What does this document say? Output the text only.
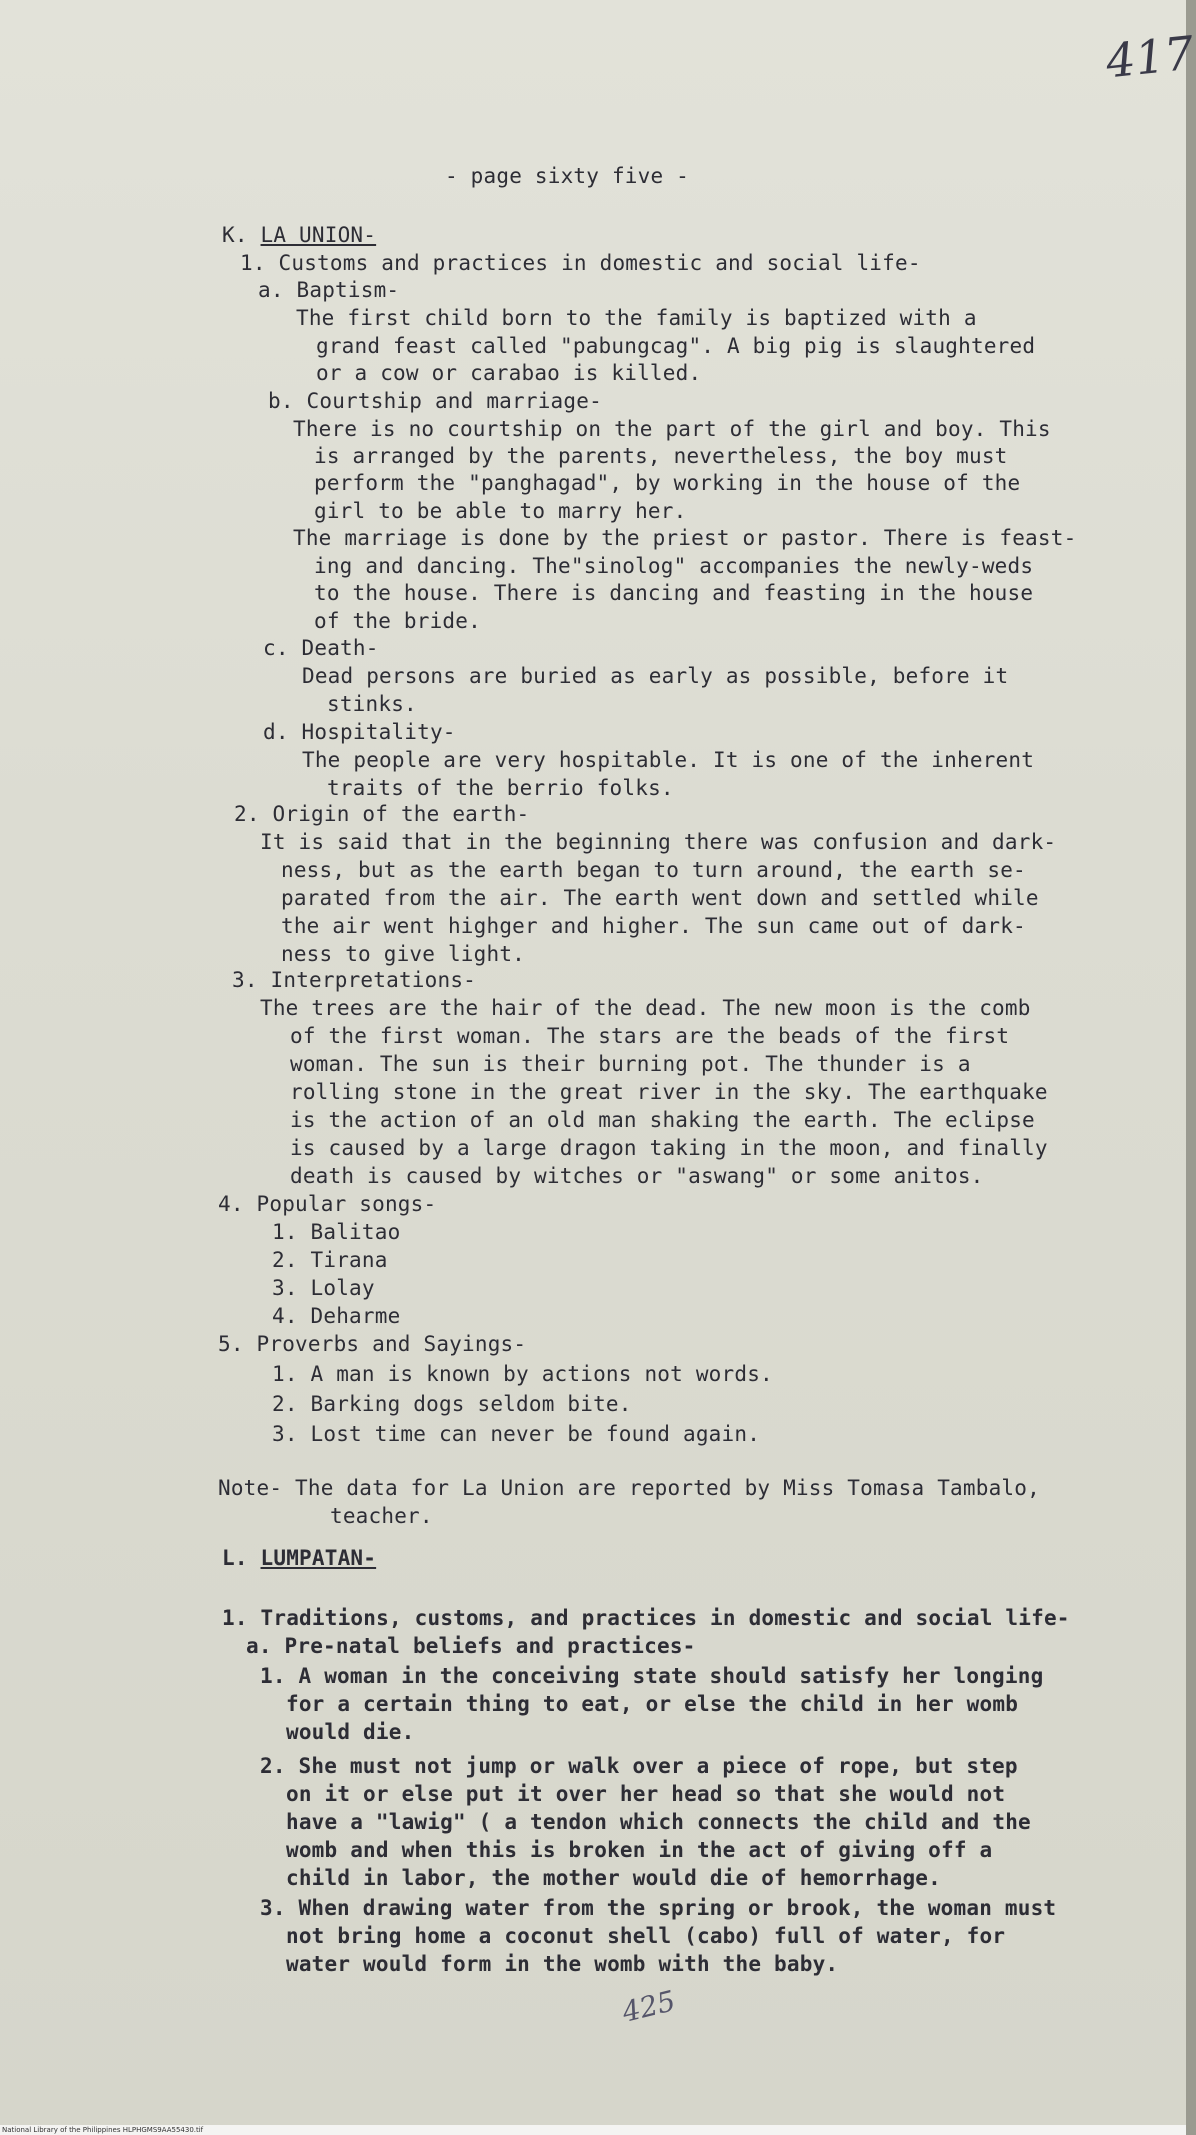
417
- page sixty five -
K. LA UNION-
1. Customs and practices in domestic and social life-
a. Baptism-
The first child born to the family is baptized with a
grand feast called "pabungcag". A big pig is slaughtered
or a cow or carabao is killed.
b. Courtship and marriage-
There is no courtship on the part of the girl and boy. This
is arranged by the parents, nevertheless, the boy must
perform the "panghagad", by working in the house of the
girl to be able to marry her.
The marriage is done by the priest or pastor. There is feast-
ing and dancing. The"sinolog" accompanies the newly-weds
to the house. There is dancing and feasting in the house
of the bride.
c. Death-
Dead persons are buried as early as possible, before it
stinks.
d. Hospitality-
The people are very hospitable. It is one of the inherent
traits of the berrio folks.
2. Origin of the earth-
It is said that in the beginning there was confusion and dark-
ness, but as the earth began to turn around, the earth se-
parated from the air. The earth went down and settled while
the air went highger and higher. The sun came out of dark-
ness to give light.
3. Interpretations-
The trees are the hair of the dead. The new moon is the comb
of the first woman. The stars are the beads of the first
woman. The sun is their burning pot. The thunder is a
rolling stone in the great river in the sky. The earthquake
is the action of an old man shaking the earth. The eclipse
is caused by a large dragon taking in the moon, and finally
death is caused by witches or "aswang" or some anitos.
4. Popular songs-
1. Balitao
2. Tirana
3. Lolay
4. Deharme
5. Proverbs and Sayings-
1. A man is known by actions not words.
2. Barking dogs seldom bite.
3. Lost time can never be found again.
Note- The data for La Union are reported by Miss Tomasa Tambalo,
teacher.
L. LUMPATAN-
1. Traditions, customs, and practices in domestic and social life-
a. Pre-natal beliefs and practices-
1. A woman in the conceiving state should satisfy her longing
for a certain thing to eat, or else the child in her womb
would die.
2. She must not jump or walk over a piece of rope, but step
on it or else put it over her head so that she would not
have a "lawig" ( a tendon which connects the child and the
womb and when this is broken in the act of giving off a
child in labor, the mother would die of hemorrhage.
3. When drawing water from the spring or brook, the woman must
not bring home a coconut shell (cabo) full of water, for
water would form in the womb with the baby.
425
National Library of the Philippines HLPHGMS9AA55430.tif
